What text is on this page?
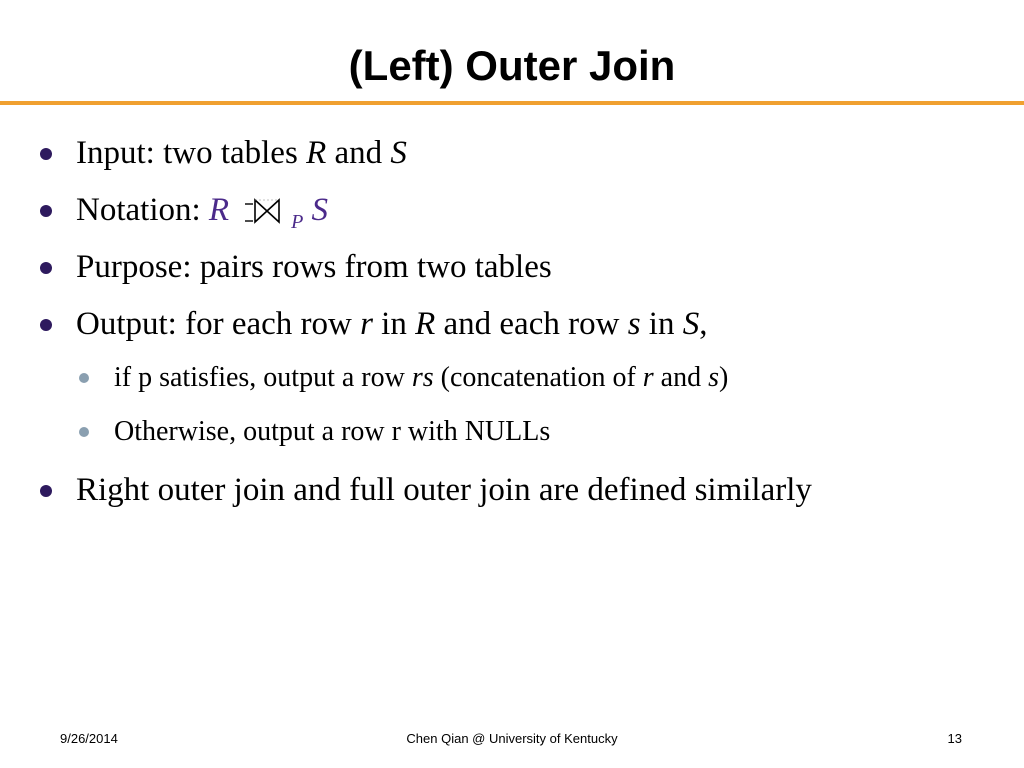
(Left) Outer Join
Input: two tables R and S
Notation: R	$_P$ S
Purpose: pairs rows from two tables
Output: for each row r in R and each row s in S,
if p satisfies, output a row rs (concatenation of r and s)
Otherwise, output a row r with NULLs
Right outer join and full outer join are defined similarly
9/26/2014	Chen Qian @ University of Kentucky	13
